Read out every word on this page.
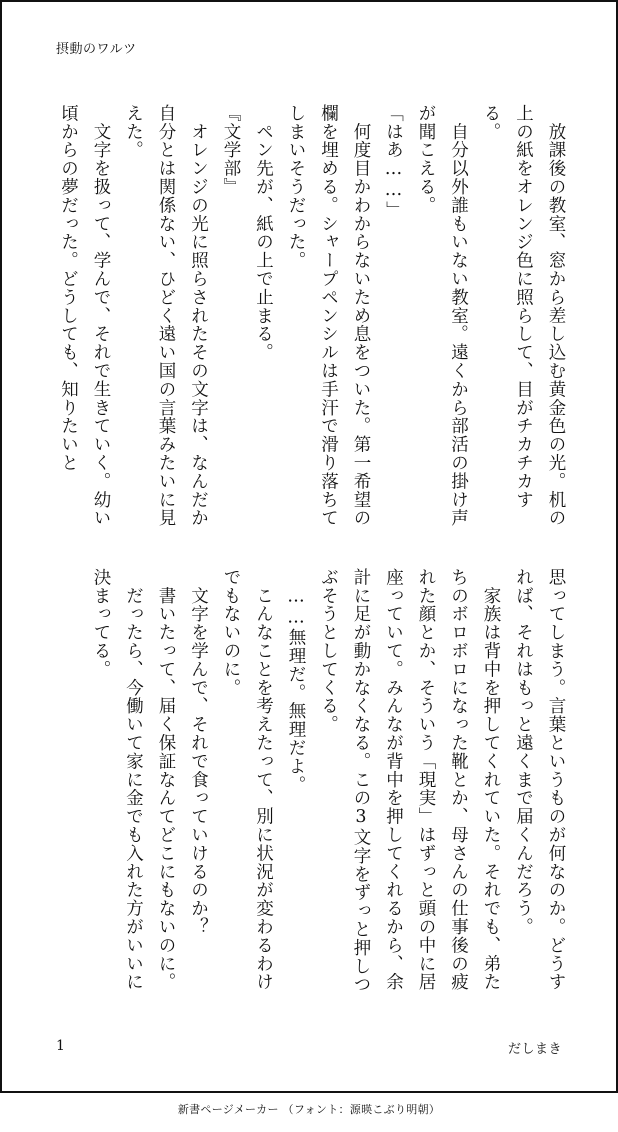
摂動のワルツ

　放課後の教室、窓から差し込む黄金色の光。机の上の紙をオレンジ色に照らして、目がチカチカする。
　自分以外誰もいない教室。遠くから部活の掛け声が聞こえる。
「はあ……」
　何度目かわからないため息をついた。第一希望の欄を埋める。シャープペンシルは手汗で滑り落ちてしまいそうだった。
　ペン先が、紙の上で止まる。
『文学部』
　オレンジの光に照らされたその文字は、なんだか自分とは関係ない、ひどく遠い国の言葉みたいに見えた。
　文字を扱って、学んで、それで生きていく。幼い頃からの夢だった。どうしても、知りたいと

思ってしまう。言葉というものが何なのか。どうすれば、それはもっと遠くまで届くんだろう。
　家族は背中を押してくれていた。それでも、弟たちのボロボロになった靴とか、母さんの仕事後の疲れた顔とか、そういう「現実」はずっと頭の中に居座っていて。みんなが背中を押してくれるから、余計に足が動かなくなる。この3文字をずっと押しつぶそうとしてくる。
　……無理だ。無理だよ。
　こんなことを考えたって、別に状況が変わるわけでもないのに。
　文字を学んで、それで食っていけるのか？
　書いたって、届く保証なんてどこにもないのに。
　だったら、今働いて家に金でも入れた方がいいに決まってる。

1	だしまき
新書ページメーカー （フォント：源暎こぶり明朝）
